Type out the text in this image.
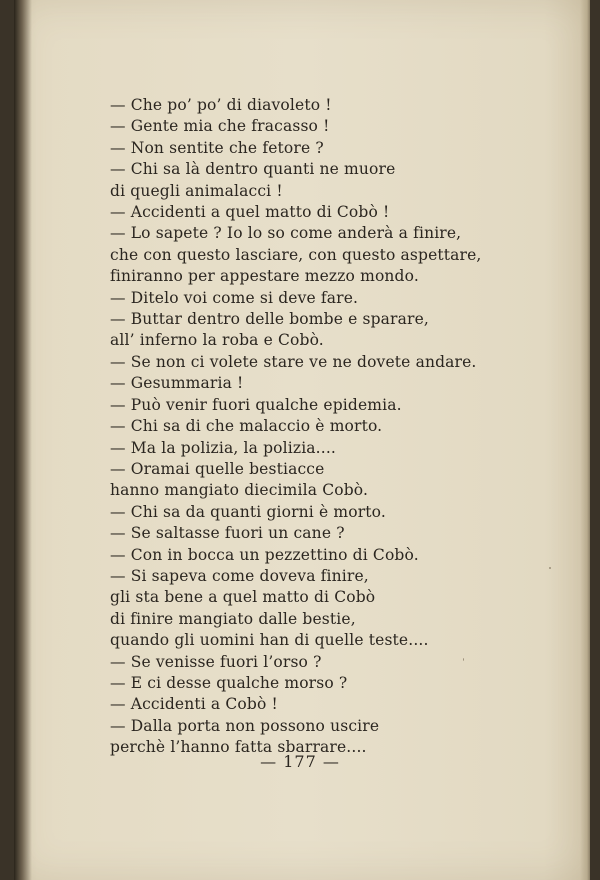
— Che po’ po’ di diavoleto !
— Gente mia che fracasso !
— Non sentite che fetore ?
— Chi sa là dentro quanti ne muore
di quegli animalacci !
— Accidenti a quel matto di Cobò !
— Lo sapete ? Io lo so come anderà a finire,
che con questo lasciare, con questo aspettare,
finiranno per appestare mezzo mondo.
— Ditelo voi come si deve fare.
— Buttar dentro delle bombe e sparare,
all’ inferno la roba e Cobò.
— Se non ci volete stare ve ne dovete andare.
— Gesummaria !
— Può venir fuori qualche epidemia.
— Chi sa di che malaccio è morto.
— Ma la polizia, la polizia....
— Oramai quelle bestiacce
hanno mangiato diecimila Cobò.
— Chi sa da quanti giorni è morto.
— Se saltasse fuori un cane ?
— Con in bocca un pezzettino di Cobò.
— Si sapeva come doveva finire,
gli sta bene a quel matto di Cobò
di finire mangiato dalle bestie,
quando gli uomini han di quelle teste....
— Se venisse fuori l’orso ?
— E ci desse qualche morso ?
— Accidenti a Cobò !
— Dalla porta non possono uscire
perchè l’hanno fatta sbarrare....
— 177 —
